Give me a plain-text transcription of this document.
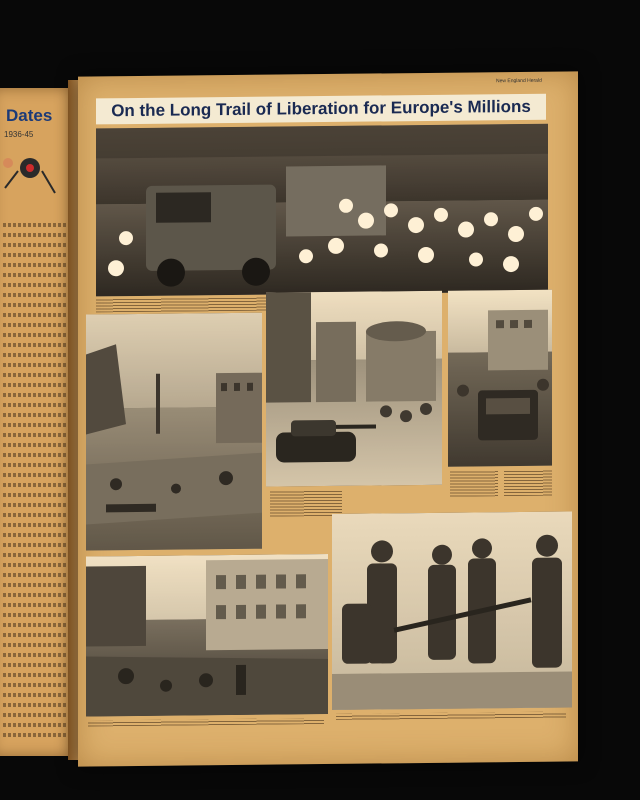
Dates
1936-45
New England Herald
On the Long Trail of Liberation for Europe's Millions
